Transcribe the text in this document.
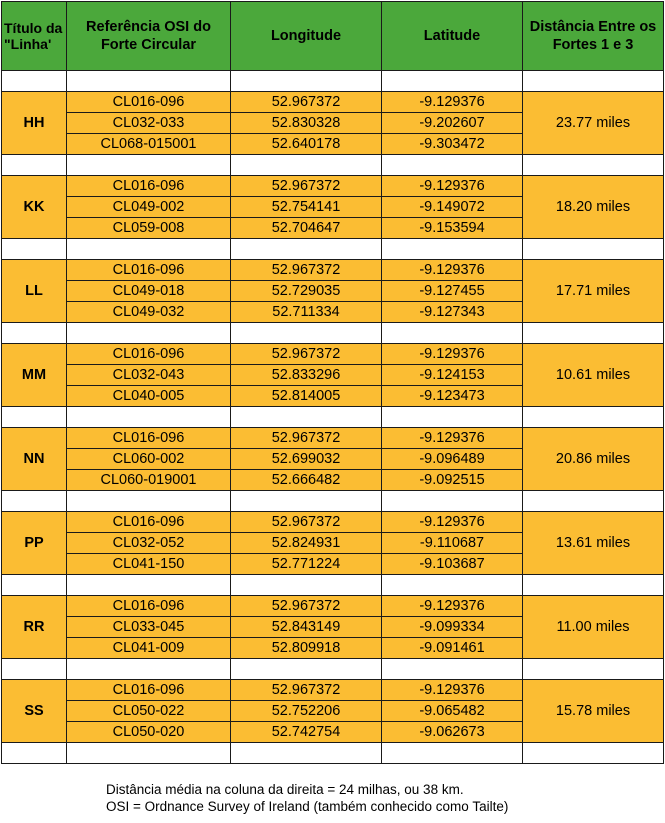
Título da "Linha'	Referência OSI do Forte Circular	Longitude	Latitude	Distância Entre os Fortes 1 e 3

HH	CL016-096	52.967372	-9.129376	23.77 miles
	CL032-033	52.830328	-9.202607	
	CL068-015001	52.640178	-9.303472	

KK	CL016-096	52.967372	-9.129376	18.20 miles
	CL049-002	52.754141	-9.149072	
	CL059-008	52.704647	-9.153594	

LL	CL016-096	52.967372	-9.129376	17.71 miles
	CL049-018	52.729035	-9.127455	
	CL049-032	52.711334	-9.127343	

MM	CL016-096	52.967372	-9.129376	10.61 miles
	CL032-043	52.833296	-9.124153	
	CL040-005	52.814005	-9.123473	

NN	CL016-096	52.967372	-9.129376	20.86 miles
	CL060-002	52.699032	-9.096489	
	CL060-019001	52.666482	-9.092515	

PP	CL016-096	52.967372	-9.129376	13.61 miles
	CL032-052	52.824931	-9.110687	
	CL041-150	52.771224	-9.103687	

RR	CL016-096	52.967372	-9.129376	11.00 miles
	CL033-045	52.843149	-9.099334	
	CL041-009	52.809918	-9.091461	

SS	CL016-096	52.967372	-9.129376	15.78 miles
	CL050-022	52.752206	-9.065482	
	CL050-020	52.742754	-9.062673	

Distância média na coluna da direita = 24 milhas, ou 38 km.
OSI = Ordnance Survey of Ireland (também conhecido como Tailte)
